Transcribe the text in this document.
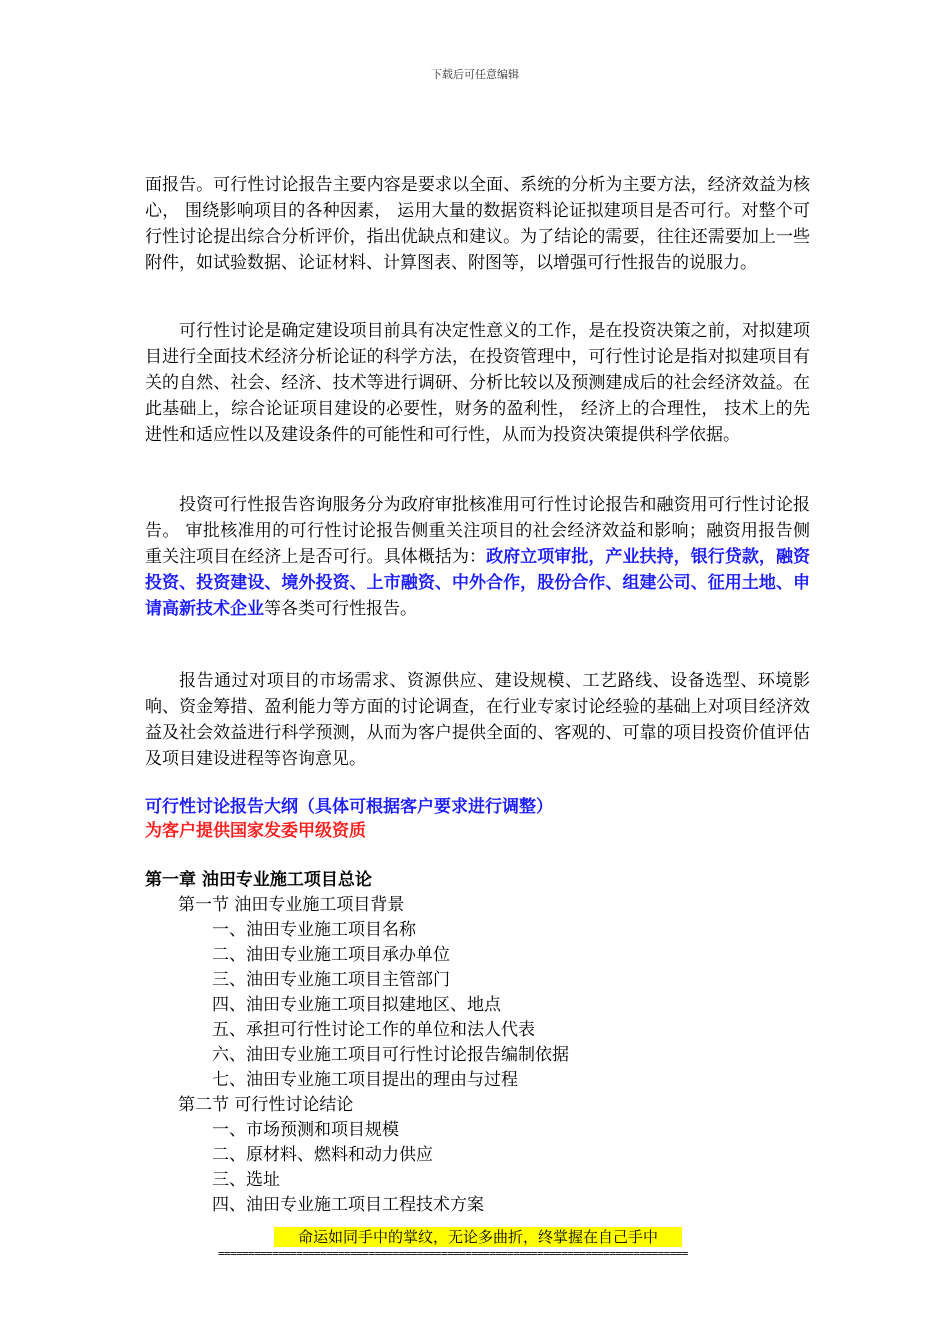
下载后可任意编辑

面报告。可行性讨论报告主要内容是要求以全面、系统的分析为主要方法，经济效益为核心， 围绕影响项目的各种因素， 运用大量的数据资料论证拟建项目是否可行。对整个可行性讨论提出综合分析评价，指出优缺点和建议。为了结论的需要，往往还需要加上一些附件，如试验数据、论证材料、计算图表、附图等，以增强可行性报告的说服力。

可行性讨论是确定建设项目前具有决定性意义的工作，是在投资决策之前，对拟建项目进行全面技术经济分析论证的科学方法，在投资管理中，可行性讨论是指对拟建项目有关的自然、社会、经济、技术等进行调研、分析比较以及预测建成后的社会经济效益。在此基础上，综合论证项目建设的必要性，财务的盈利性， 经济上的合理性， 技术上的先进性和适应性以及建设条件的可能性和可行性，从而为投资决策提供科学依据。

投资可行性报告咨询服务分为政府审批核准用可行性讨论报告和融资用可行性讨论报告。 审批核准用的可行性讨论报告侧重关注项目的社会经济效益和影响；融资用报告侧重关注项目在经济上是否可行。具体概括为：政府立项审批，产业扶持，银行贷款，融资投资、投资建设、境外投资、上市融资、中外合作，股份合作、组建公司、征用土地、申请高新技术企业等各类可行性报告。

报告通过对项目的市场需求、资源供应、建设规模、工艺路线、设备选型、环境影响、资金筹措、盈利能力等方面的讨论调查，在行业专家讨论经验的基础上对项目经济效益及社会效益进行科学预测，从而为客户提供全面的、客观的、可靠的项目投资价值评估及项目建设进程等咨询意见。

可行性讨论报告大纲（具体可根据客户要求进行调整）

为客户提供国家发委甲级资质

第一章 油田专业施工项目总论

第一节 油田专业施工项目背景

一、油田专业施工项目名称

二、油田专业施工项目承办单位

三、油田专业施工项目主管部门

四、油田专业施工项目拟建地区、地点

五、承担可行性讨论工作的单位和法人代表

六、油田专业施工项目可行性讨论报告编制依据

七、油田专业施工项目提出的理由与过程

第二节 可行性讨论结论

一、市场预测和项目规模

二、原材料、燃料和动力供应

三、选址

四、油田专业施工项目工程技术方案

命运如同手中的掌纹，无论多曲折，终掌握在自己手中
==============================================================================
